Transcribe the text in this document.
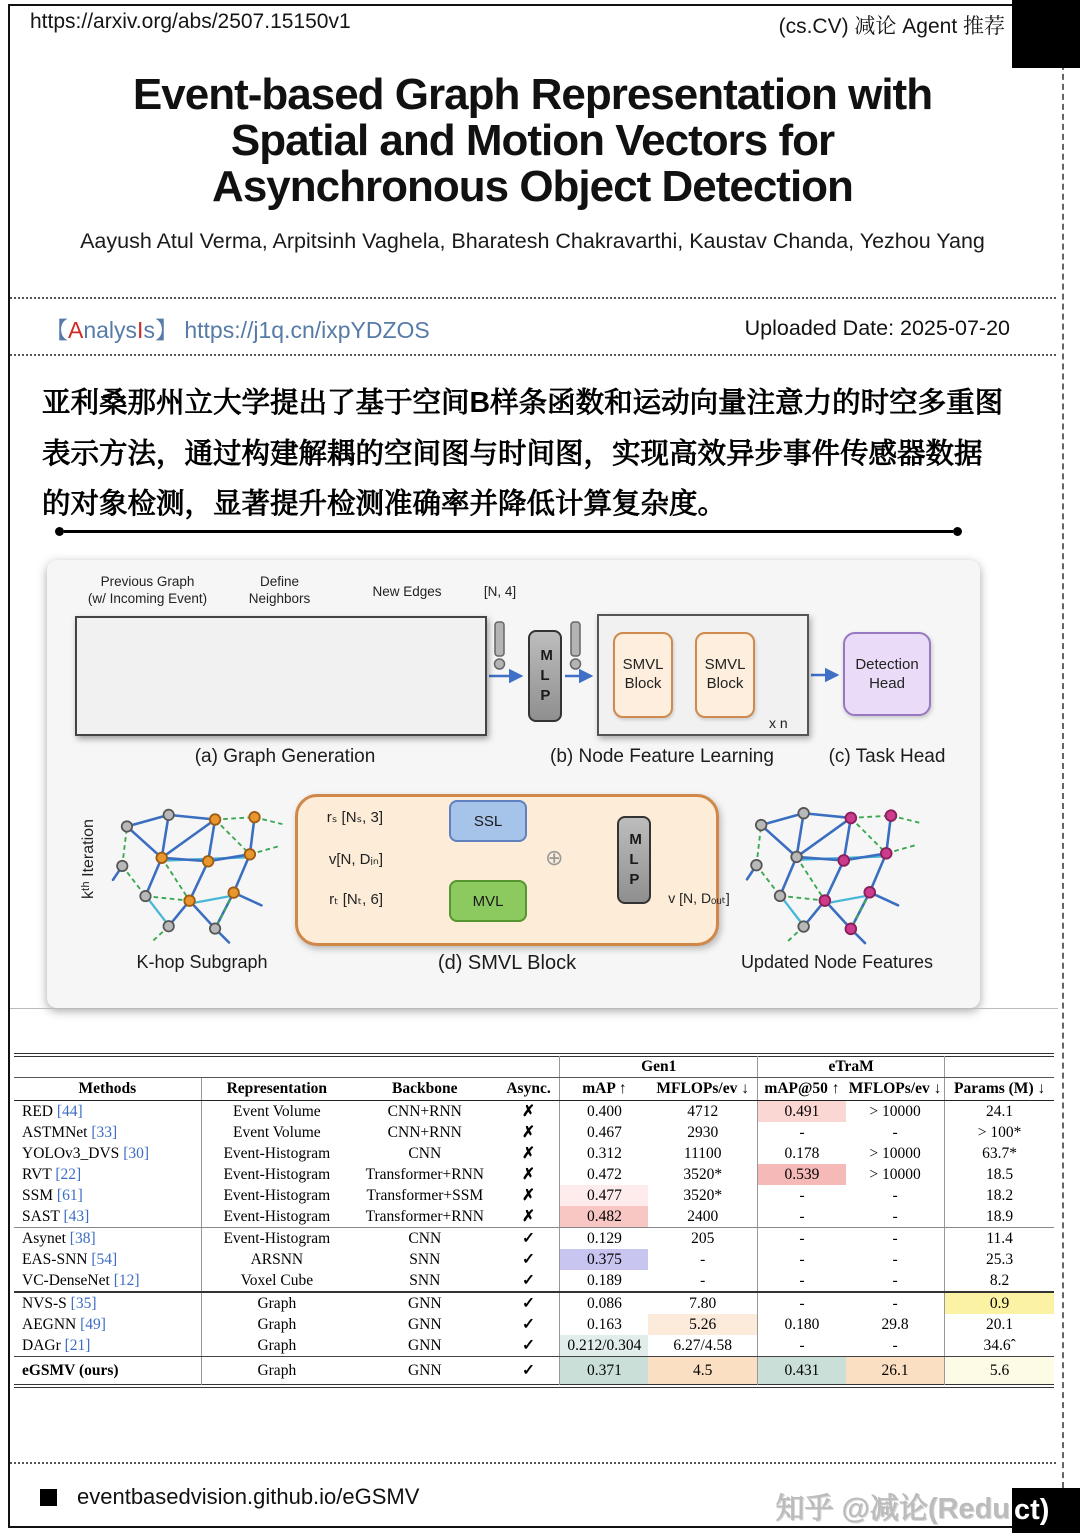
https://arxiv.org/abs/2507.15150v1	(cs.CV) 减论 Agent 推荐
Event-based Graph Representation with
Spatial and Motion Vectors for
Asynchronous Object Detection
Aayush Atul Verma, Arpitsinh Vaghela, Bharatesh Chakravarthi, Kaustav Chanda, Yezhou Yang
【AnalysIs】 https://j1q.cn/ixpYDZOS	Uploaded Date: 2025-07-20
亚利桑那州立大学提出了基于空间B样条函数和运动向量注意力的时空多重图表示方法，通过构建解耦的空间图与时间图，实现高效异步事件传感器数据的对象检测，显著提升检测准确率并降低计算复杂度。
Previous Graph
(w/ Incoming Event)
Define
Neighbors	New Edges	[N, 4]
MLP
SMVL
Block
SMVL
Block
x n
Detection
Head
(a) Graph Generation	(b) Node Feature Learning	(c) Task Head
kᵗʰ Iteration
rₛ [Nₛ, 3]
v[N, Dᵢₙ]
rₜ [Nₜ, 6]
SSL
MVL
⊕
MLP
v [N, Dₒᵤₜ]
K-hop Subgraph	(d) SMVL Block	Updated Node Features
				Gen1		eTraM		
Methods	Representation	Backbone	Async.	mAP ↑	MFLOPs/ev ↓	mAP@50 ↑	MFLOPs/ev ↓	Params (M) ↓
RED [44]	Event Volume	CNN+RNN	✗	0.400	4712	0.491	> 10000	24.1
ASTMNet [33]	Event Volume	CNN+RNN	✗	0.467	2930	-	-	> 100*
YOLOv3_DVS [30]	Event-Histogram	CNN	✗	0.312	11100	0.178	> 10000	63.7*
RVT [22]	Event-Histogram	Transformer+RNN	✗	0.472	3520*	0.539	> 10000	18.5
SSM [61]	Event-Histogram	Transformer+SSM	✗	0.477	3520*	-	-	18.2
SAST [43]	Event-Histogram	Transformer+RNN	✗	0.482	2400	-	-	18.9
Asynet [38]	Event-Histogram	CNN	✓	0.129	205	-	-	11.4
EAS-SNN [54]	ARSNN	SNN	✓	0.375	-	-	-	25.3
VC-DenseNet [12]	Voxel Cube	SNN	✓	0.189	-	-	-	8.2
NVS-S [35]	Graph	GNN	✓	0.086	7.80	-	-	0.9
AEGNN [49]	Graph	GNN	✓	0.163	5.26	0.180	29.8	20.1
DAGr [21]	Graph	GNN	✓	0.212/0.304	6.27/4.58	-	-	34.6ˆ
eGSMV (ours)	Graph	GNN	✓	0.371	4.5	0.431	26.1	5.6
eventbasedvision.github.io/eGSMV	知乎 @减论(Redu ct)
